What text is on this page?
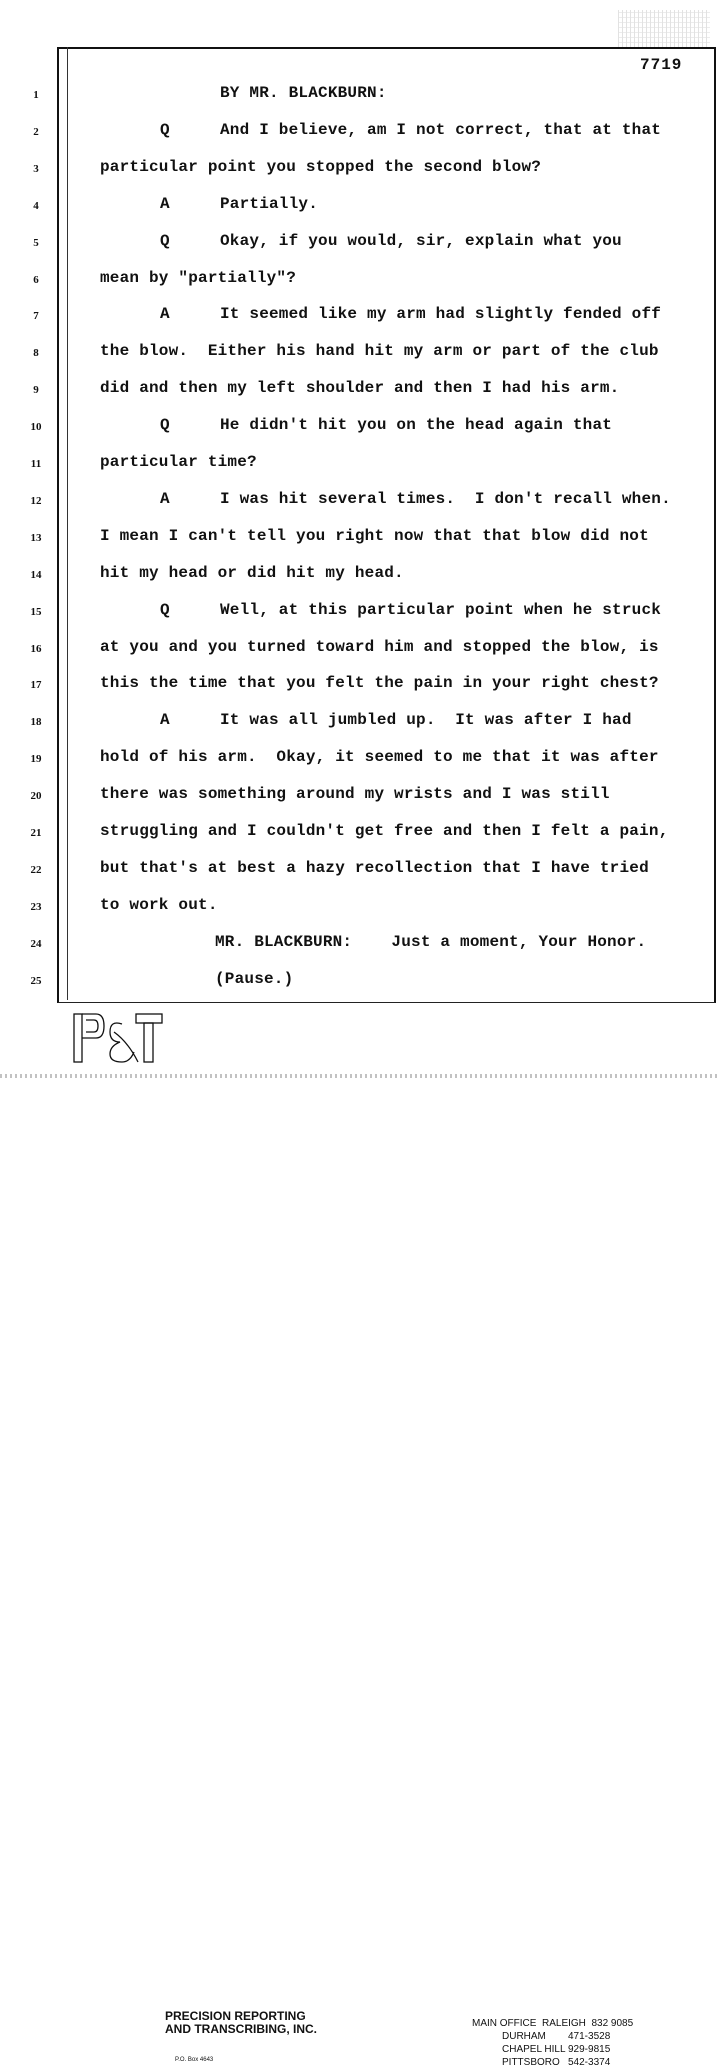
7719
1	BY MR. BLACKBURN:
2	Q	And I believe, am I not correct, that at that
3	particular point you stopped the second blow?
4	A	Partially.
5	Q	Okay, if you would, sir, explain what you
6	mean by "partially"?
7	A	It seemed like my arm had slightly fended off
8	the blow.  Either his hand hit my arm or part of the club
9	did and then my left shoulder and then I had his arm.
10	Q	He didn't hit you on the head again that
11	particular time?
12	A	I was hit several times.  I don't recall when.
13	I mean I can't tell you right now that that blow did not
14	hit my head or did hit my head.
15	Q	Well, at this particular point when he struck
16	at you and you turned toward him and stopped the blow, is
17	this the time that you felt the pain in your right chest?
18	A	It was all jumbled up.  It was after I had
19	hold of his arm.  Okay, it seemed to me that it was after
20	there was something around my wrists and I was still
21	struggling and I couldn't get free and then I felt a pain,
22	but that's at best a hazy recollection that I have tried
23	to work out.
24	MR. BLACKBURN:    Just a moment, Your Honor.
25	(Pause.)
PRECISION REPORTING
AND TRANSCRIBING, INC.
P.O. Box 4643
MAIN OFFICE  RALEIGH 832 9085
DURHAM 471-3528
CHAPEL HILL 929-9815
PITTSBORO 542-3374
